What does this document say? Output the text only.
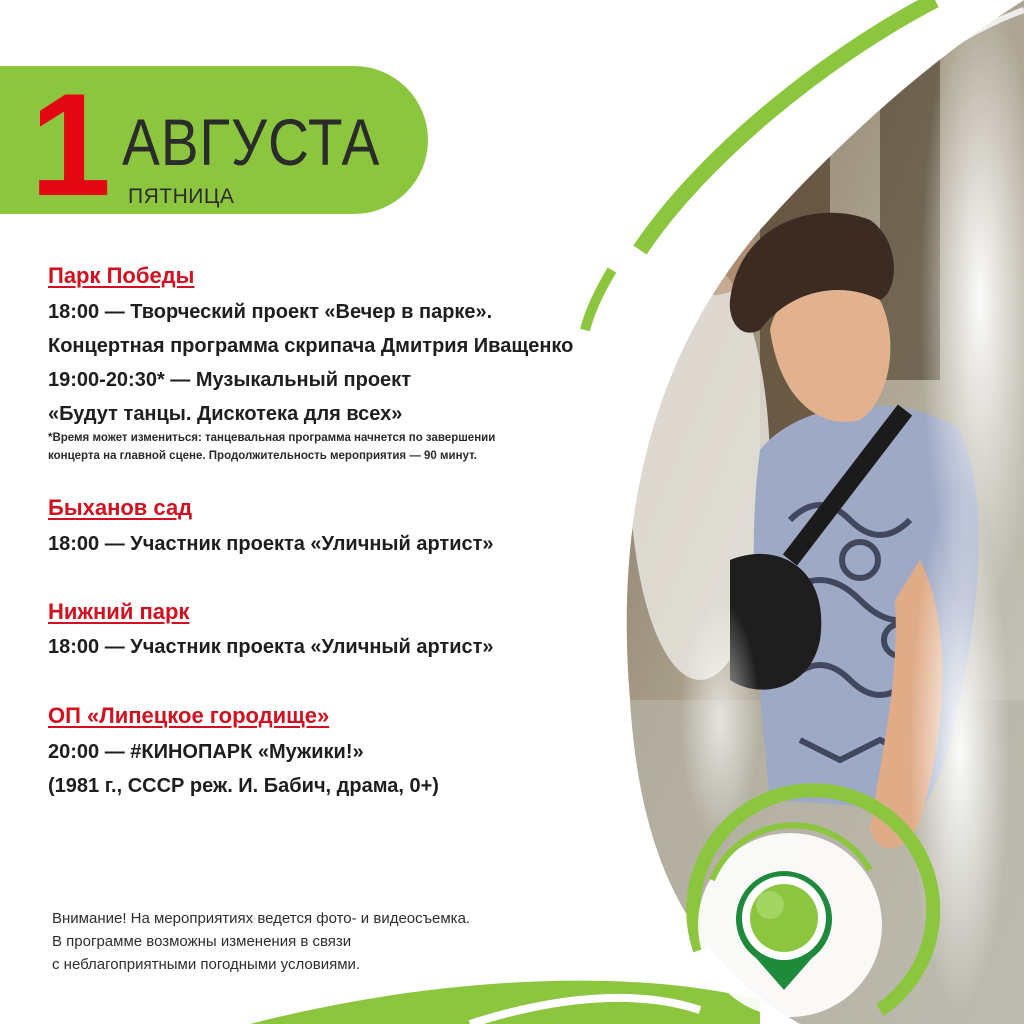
1 АВГУСТА
ПЯТНИЦА
Парк Победы
18:00 — Творческий проект «Вечер в парке».
Концертная программа скрипача Дмитрия Иващенко
19:00-20:30* — Музыкальный проект
«Будут танцы. Дискотека для всех»
*Время может измениться: танцевальная программа начнется по завершении
концерта на главной сцене. Продолжительность мероприятия — 90 минут.
Быханов сад
18:00 — Участник проекта «Уличный артист»
Нижний парк
18:00 — Участник проекта «Уличный артист»
ОП «Липецкое городище»
20:00 — #КИНОПАРК «Мужики!»
(1981 г., СССР реж. И. Бабич, драма, 0+)
Внимание! На мероприятиях ведется фото- и видеосъемка.
В программе возможны изменения в связи
с неблагоприятными погодными условиями.
